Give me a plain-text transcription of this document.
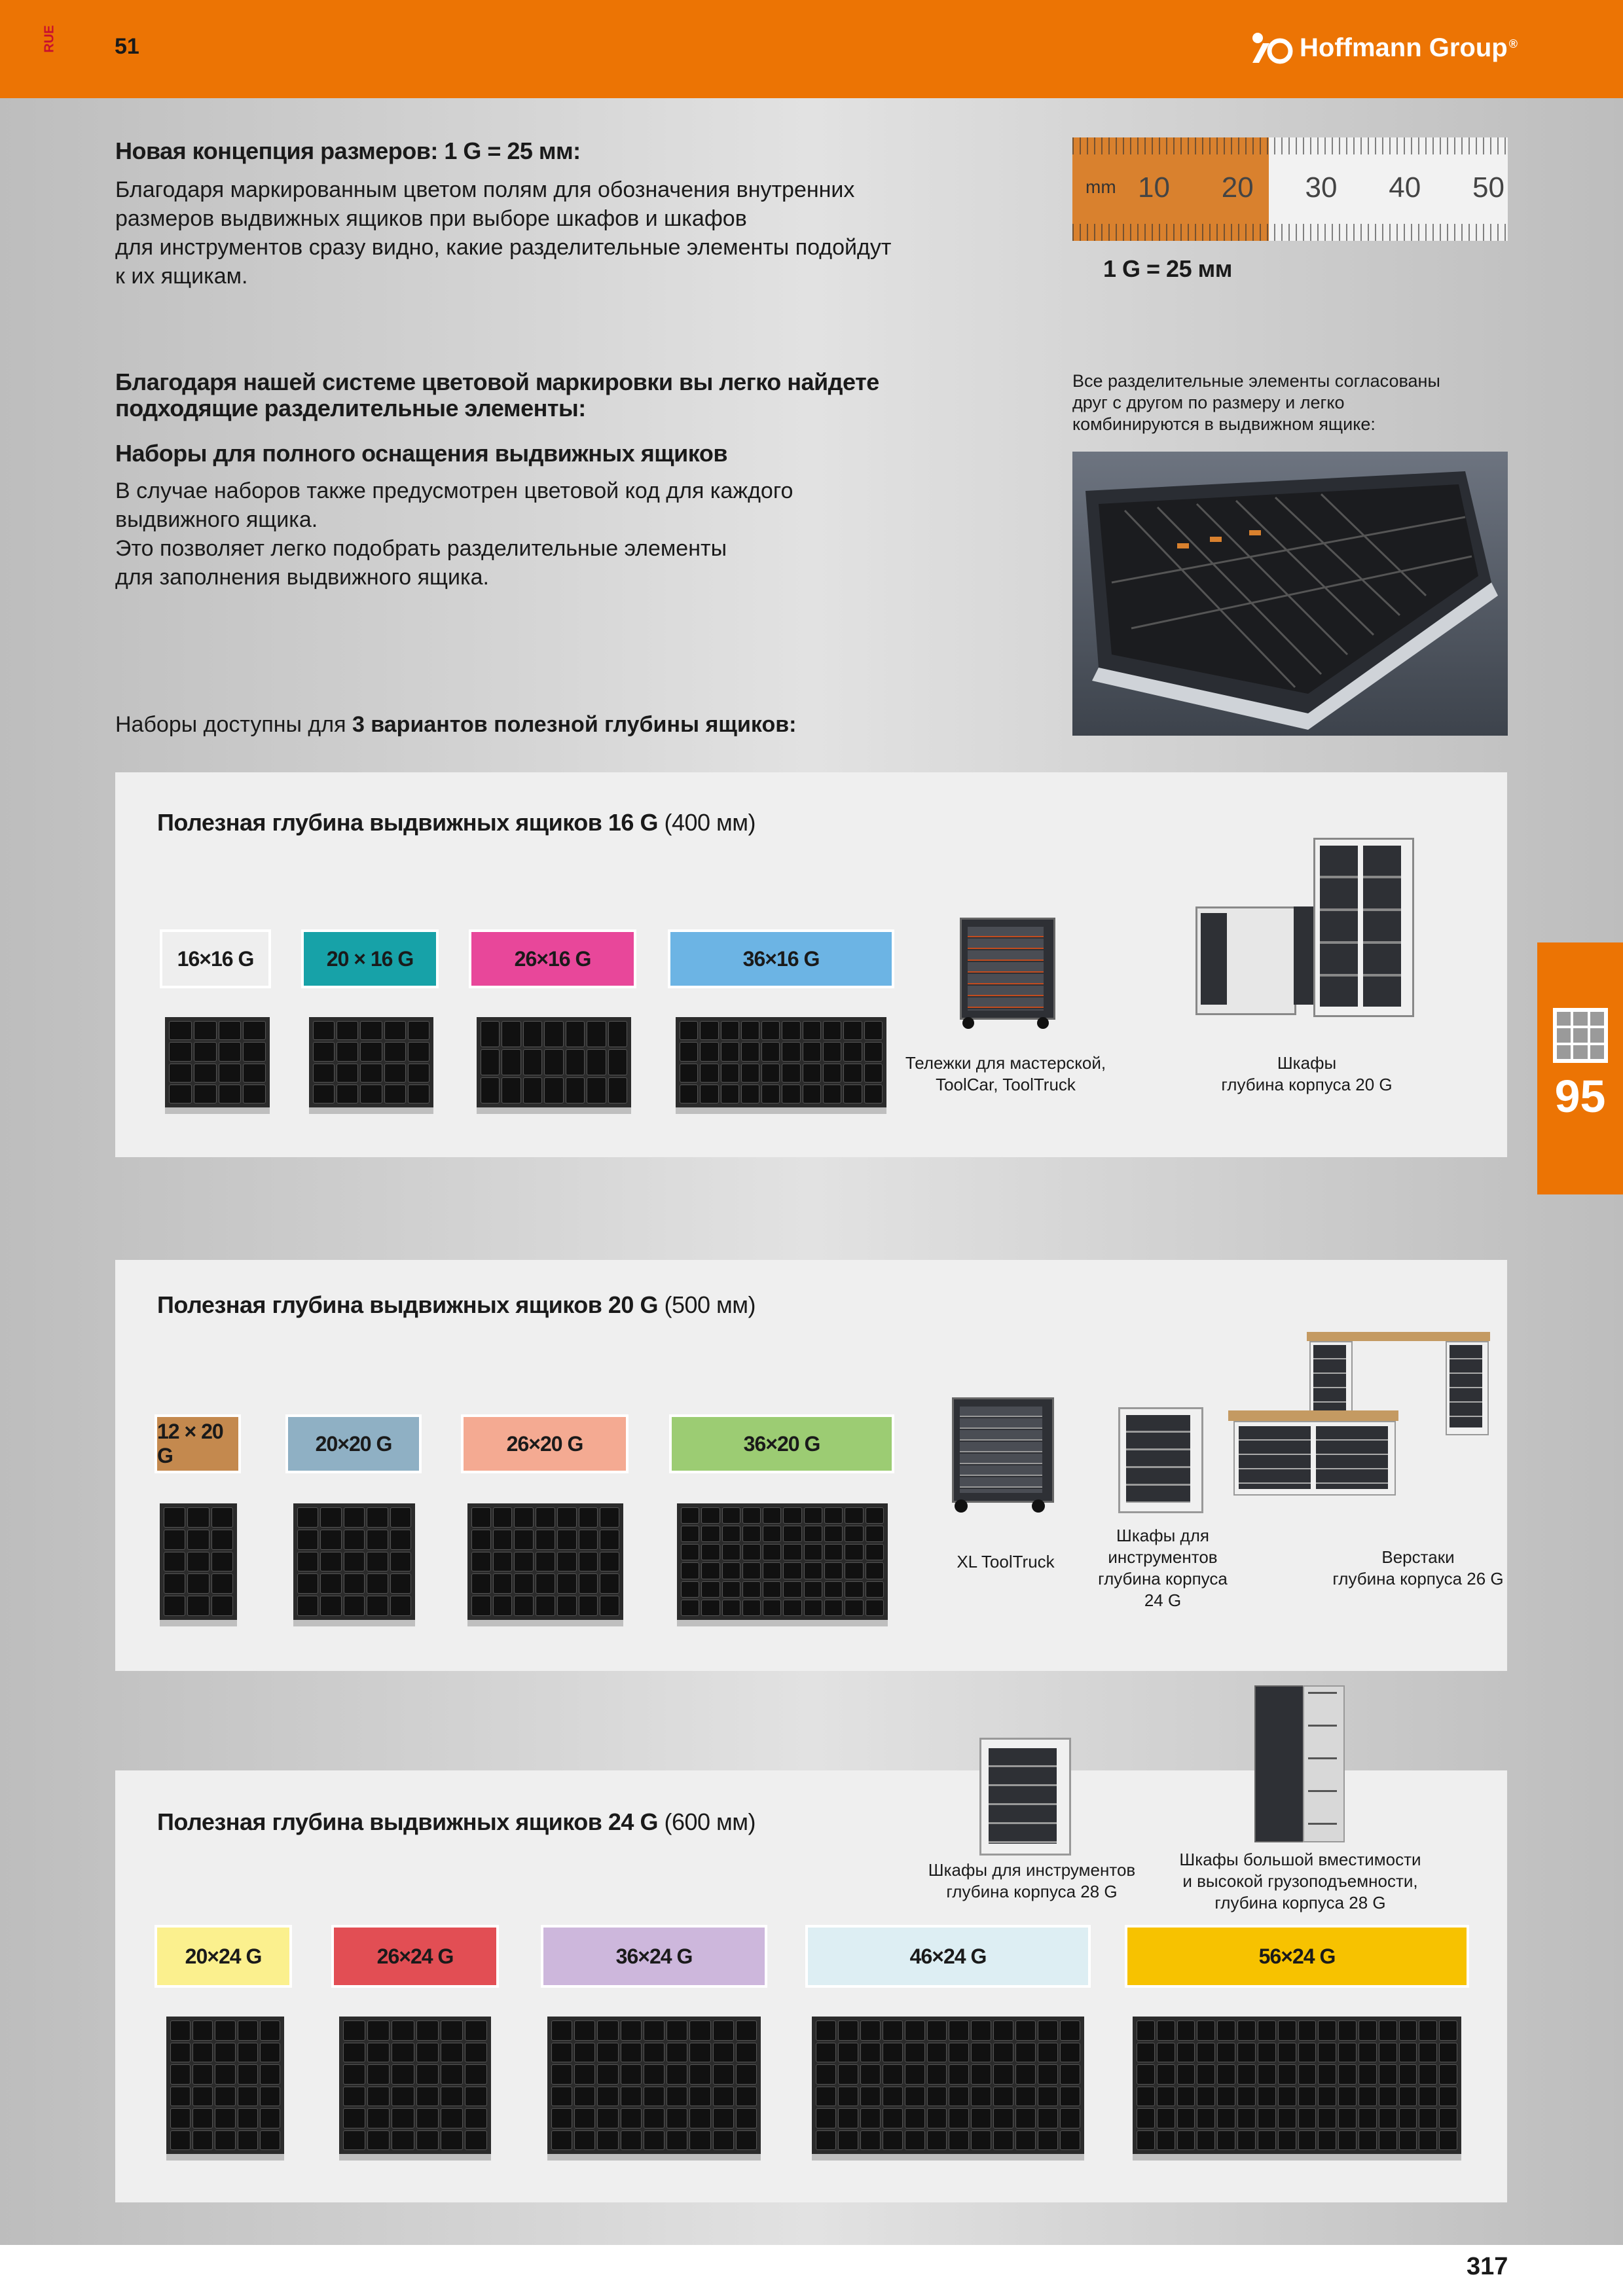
RUE	51	Hoffmann Group ®
Новая концепция размеров: 1 G = 25 мм:
Благодаря маркированным цветом полям для обозначения внутренних
размеров выдвижных ящиков при выборе шкафов и шкафов
для инструментов сразу видно, какие разделительные элементы подойдут
к их ящикам.
mm 10 20 30 40 50
1 G = 25 мм
Благодаря нашей системе цветовой маркировки вы легко найдете
подходящие разделительные элементы:
Наборы для полного оснащения выдвижных ящиков
В случае наборов также предусмотрен цветовой код для каждого
выдвижного ящика.
Это позволяет легко подобрать разделительные элементы
для заполнения выдвижного ящика.
Все разделительные элементы согласованы
друг с другом по размеру и легко
комбинируются в выдвижном ящике:
Наборы доступны для 3 вариантов полезной глубины ящиков:
Полезная глубина выдвижных ящиков 16 G (400 мм)
16×16 G	20 × 16 G	26×16 G	36×16 G
Тележки для мастерской,
ToolCar, ToolTruck
Шкафы
глубина корпуса 20 G
Полезная глубина выдвижных ящиков 20 G (500 мм)
12 × 20 G
20×20 G	26×20 G	36×20 G
XL ToolTruck
Шкафы для
инструментов
глубина корпуса
24 G
Верстаки
глубина корпуса 26 G
Полезная глубина выдвижных ящиков 24 G (600 мм)
20×24 G	26×24 G	36×24 G	46×24 G	56×24 G
Шкафы для инструментов
глубина корпуса 28 G
Шкафы большой вместимости
и высокой грузоподъемности,
глубина корпуса 28 G
95
317
